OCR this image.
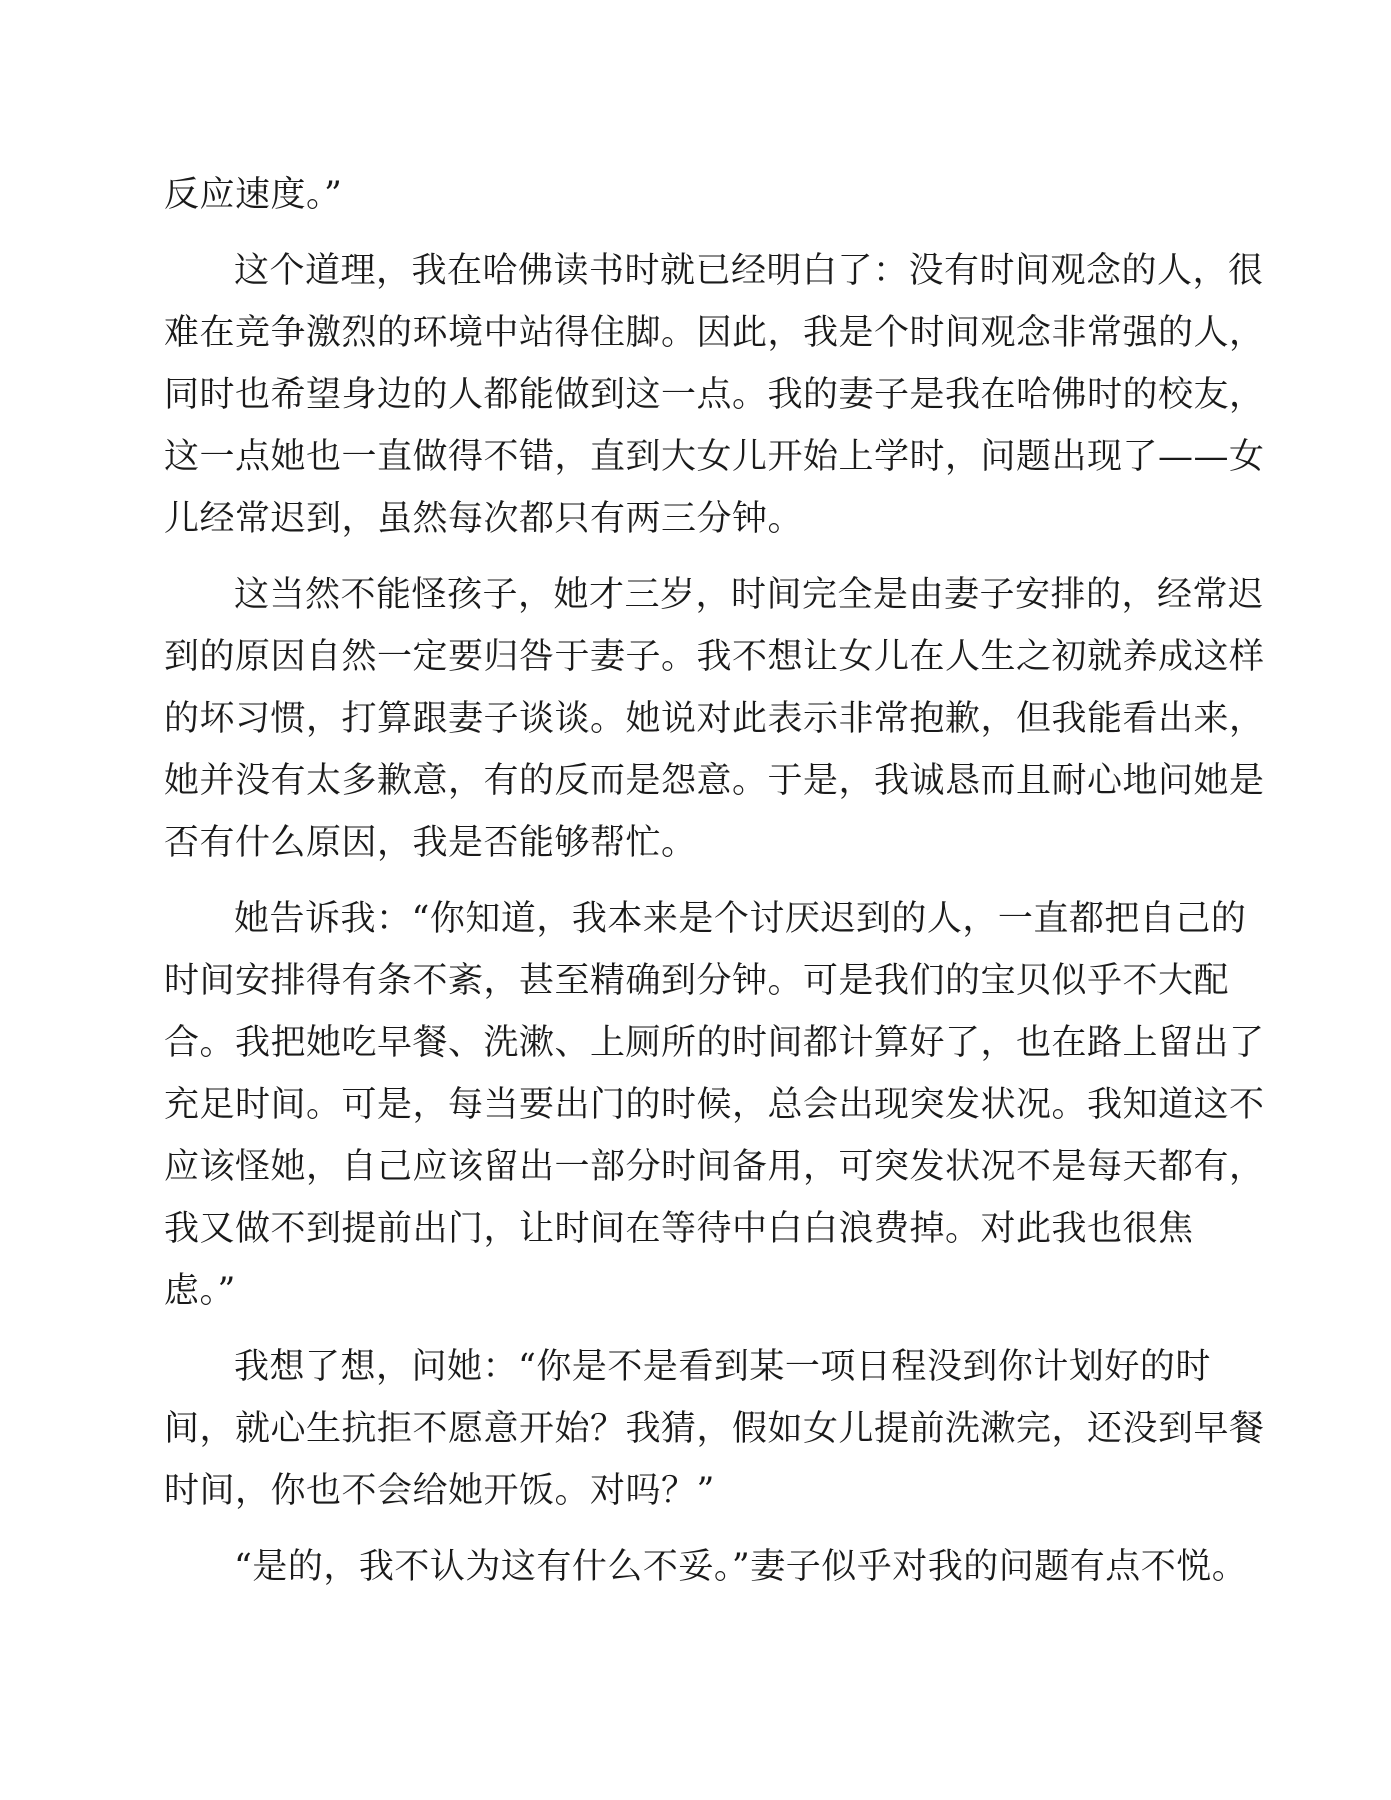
反应速度。”

这个道理，我在哈佛读书时就已经明白了：没有时间观念的人，很
难在竞争激烈的环境中站得住脚。因此，我是个时间观念非常强的人，
同时也希望身边的人都能做到这一点。我的妻子是我在哈佛时的校友，
这一点她也一直做得不错，直到大女儿开始上学时，问题出现了——女
儿经常迟到，虽然每次都只有两三分钟。

这当然不能怪孩子，她才三岁，时间完全是由妻子安排的，经常迟
到的原因自然一定要归咎于妻子。我不想让女儿在人生之初就养成这样
的坏习惯，打算跟妻子谈谈。她说对此表示非常抱歉，但我能看出来，
她并没有太多歉意，有的反而是怨意。于是，我诚恳而且耐心地问她是
否有什么原因，我是否能够帮忙。

她告诉我：“你知道，我本来是个讨厌迟到的人，一直都把自己的
时间安排得有条不紊，甚至精确到分钟。可是我们的宝贝似乎不大配
合。我把她吃早餐、洗漱、上厕所的时间都计算好了，也在路上留出了
充足时间。可是，每当要出门的时候，总会出现突发状况。我知道这不
应该怪她，自己应该留出一部分时间备用，可突发状况不是每天都有，
我又做不到提前出门，让时间在等待中白白浪费掉。对此我也很焦
虑。”

我想了想，问她：“你是不是看到某一项日程没到你计划好的时
间，就心生抗拒不愿意开始？我猜，假如女儿提前洗漱完，还没到早餐
时间，你也不会给她开饭。对吗？”

“是的，我不认为这有什么不妥。”妻子似乎对我的问题有点不悦。
